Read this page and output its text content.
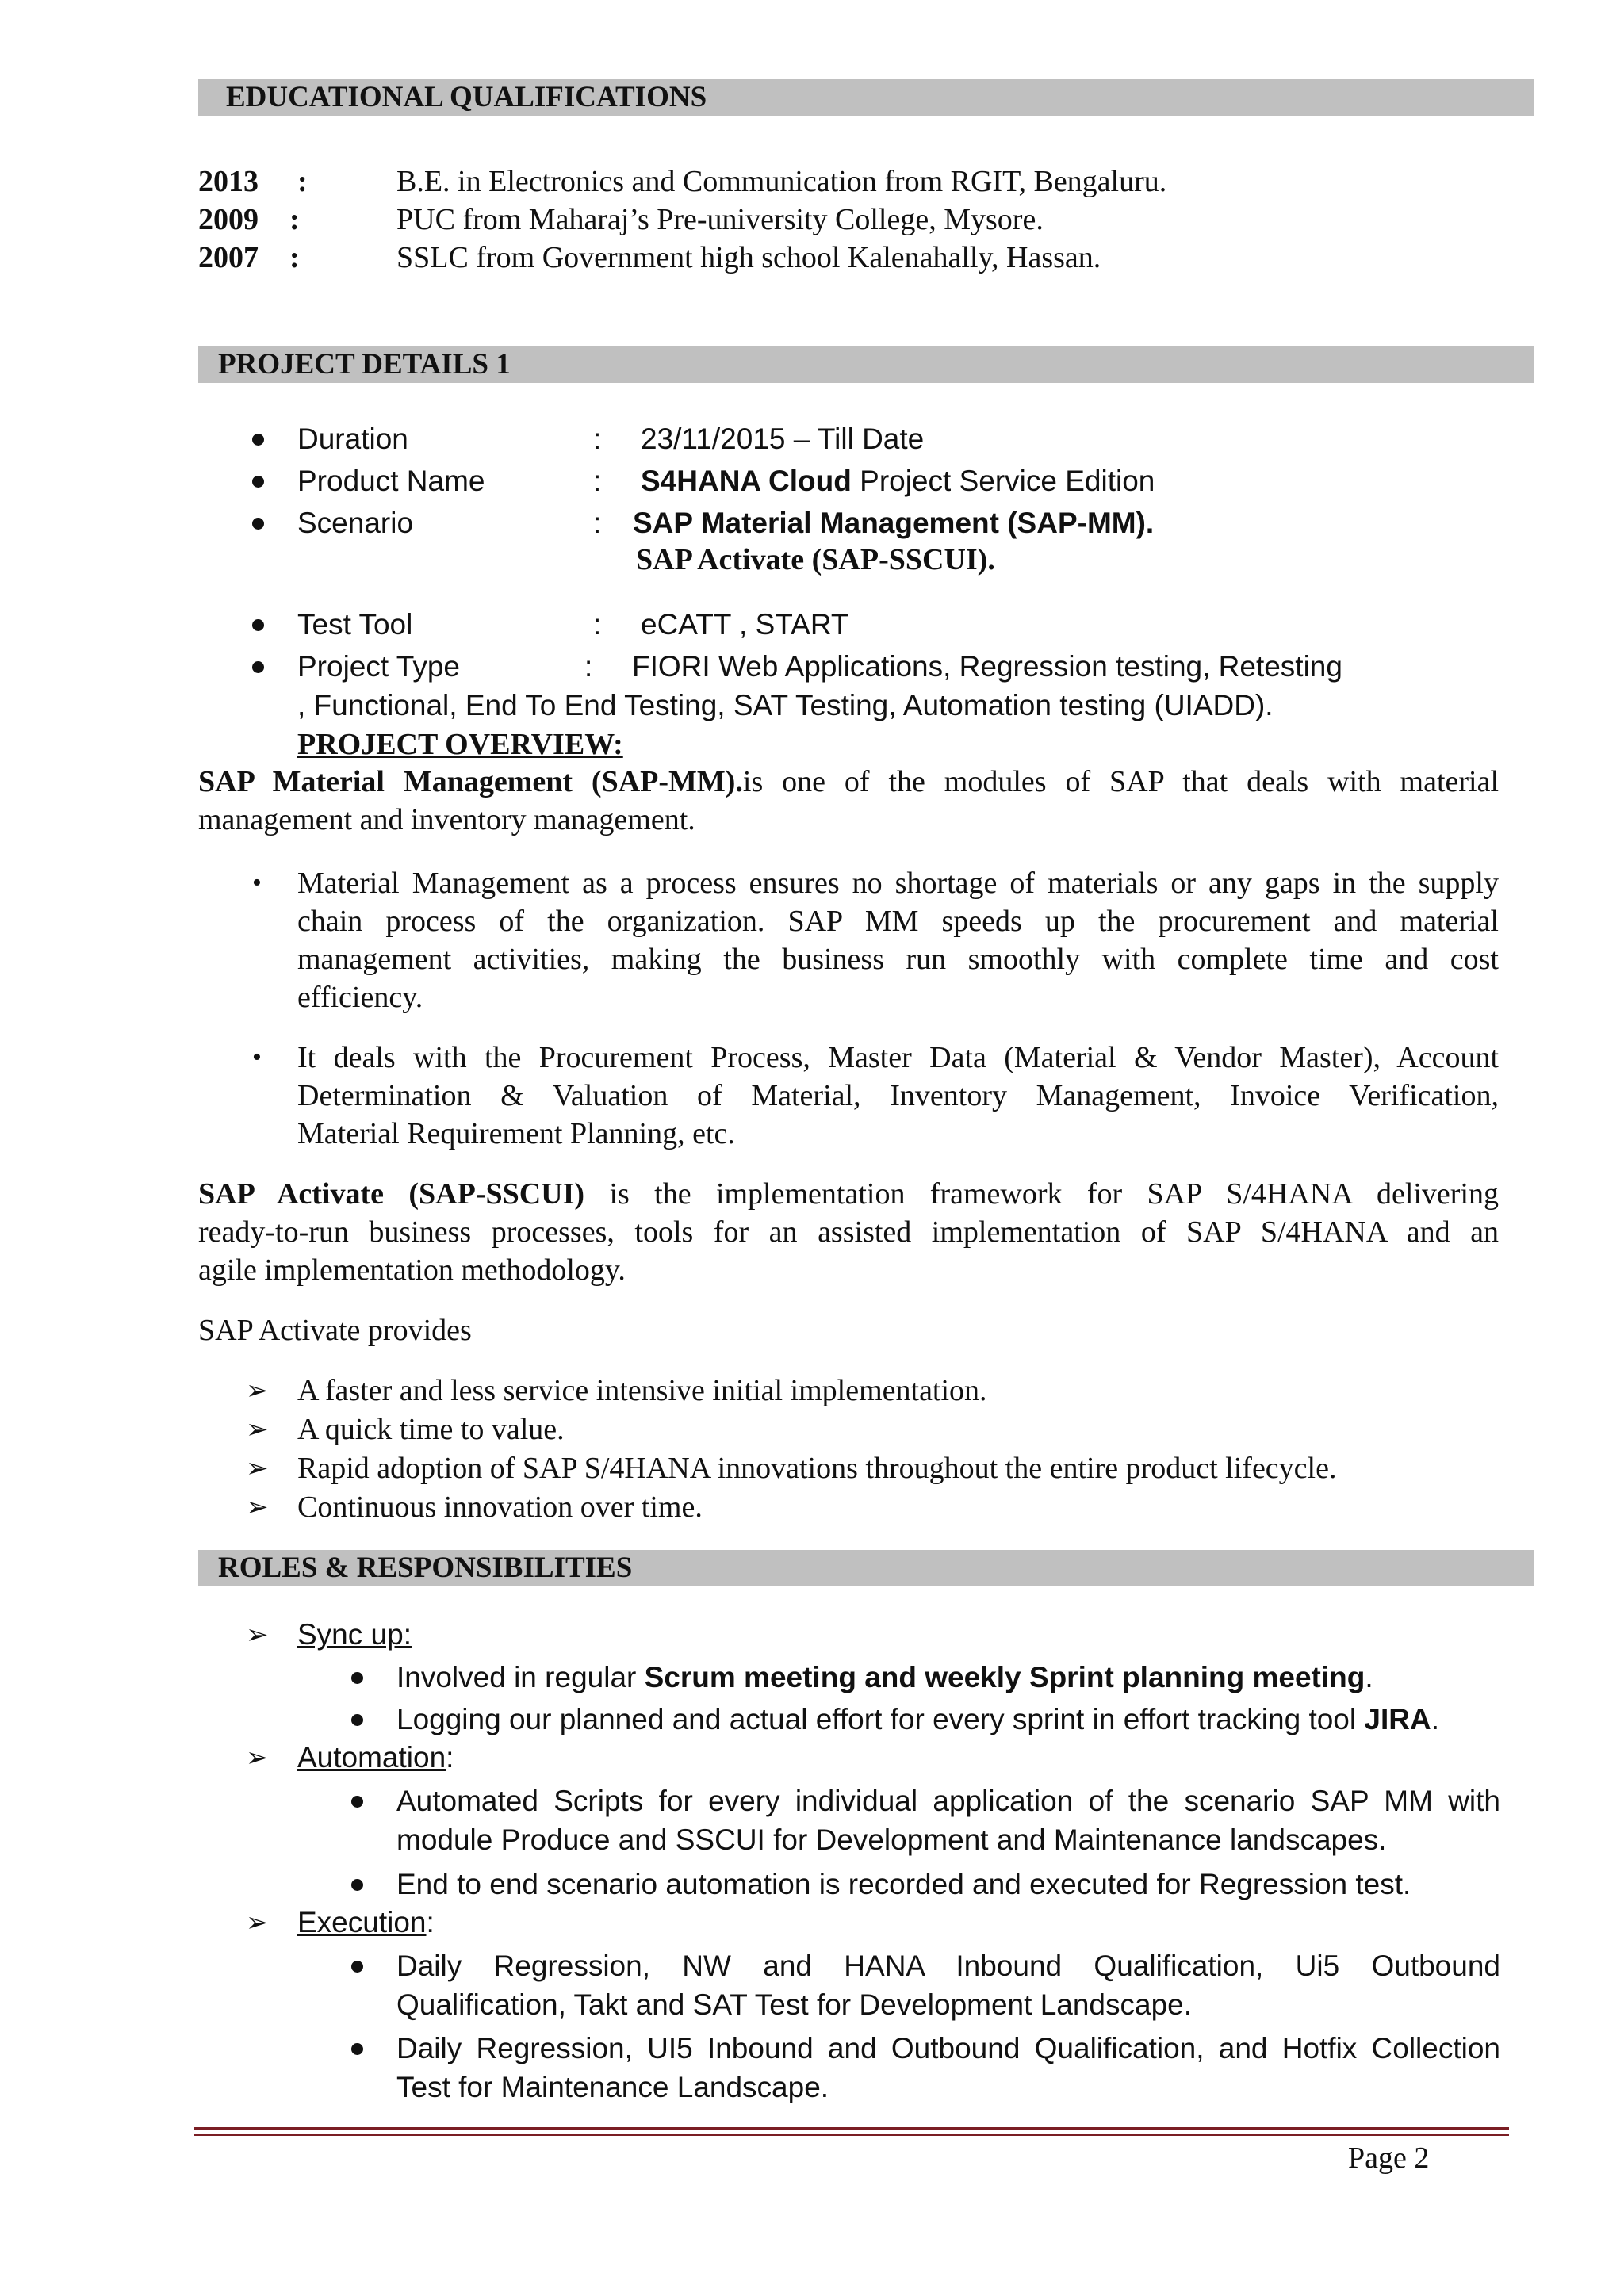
EDUCATIONAL QUALIFICATIONS
2013 :	B.E. in Electronics and Communication from RGIT, Bengaluru.
2009 :	PUC from Maharaj’s Pre-university College, Mysore.
2007 :	SSLC from Government high school Kalenahally, Hassan.
PROJECT DETAILS 1
Duration	: 23/11/2015 – Till Date
Product Name	: S4HANA Cloud Project Service Edition
Scenario	: SAP Material Management (SAP-MM).
SAP Activate (SAP-SSCUI).
Test Tool	: eCATT , START
Project Type	: FIORI Web Applications, Regression testing, Retesting
, Functional, End To End Testing, SAT Testing, Automation testing (UIADD).
PROJECT OVERVIEW:
SAP Material Management (SAP-MM).is one of the modules of SAP that deals with material
management and inventory management.
• Material Management as a process ensures no shortage of materials or any gaps in the supply
chain process of the organization. SAP MM speeds up the procurement and material
management activities, making the business run smoothly with complete time and cost
efficiency.
• It deals with the Procurement Process, Master Data (Material & Vendor Master), Account
Determination & Valuation of Material, Inventory Management, Invoice Verification,
Material Requirement Planning, etc.
SAP Activate (SAP-SSCUI) is the implementation framework for SAP S/4HANA delivering
ready-to-run business processes, tools for an assisted implementation of SAP S/4HANA and an
agile implementation methodology.
SAP Activate provides
➢ A faster and less service intensive initial implementation.
➢ A quick time to value.
➢ Rapid adoption of SAP S/4HANA innovations throughout the entire product lifecycle.
➢ Continuous innovation over time.
ROLES & RESPONSIBILITIES
➢ Sync up:
Involved in regular Scrum meeting and weekly Sprint planning meeting.
Logging our planned and actual effort for every sprint in effort tracking tool JIRA.
➢ Automation:
Automated Scripts for every individual application of the scenario SAP MM with
module Produce and SSCUI for Development and Maintenance landscapes.
End to end scenario automation is recorded and executed for Regression test.
➢ Execution:
Daily Regression, NW and HANA Inbound Qualification, Ui5 Outbound
Qualification, Takt and SAT Test for Development Landscape.
Daily Regression, UI5 Inbound and Outbound Qualification, and Hotfix Collection
Test for Maintenance Landscape.
Page 2
